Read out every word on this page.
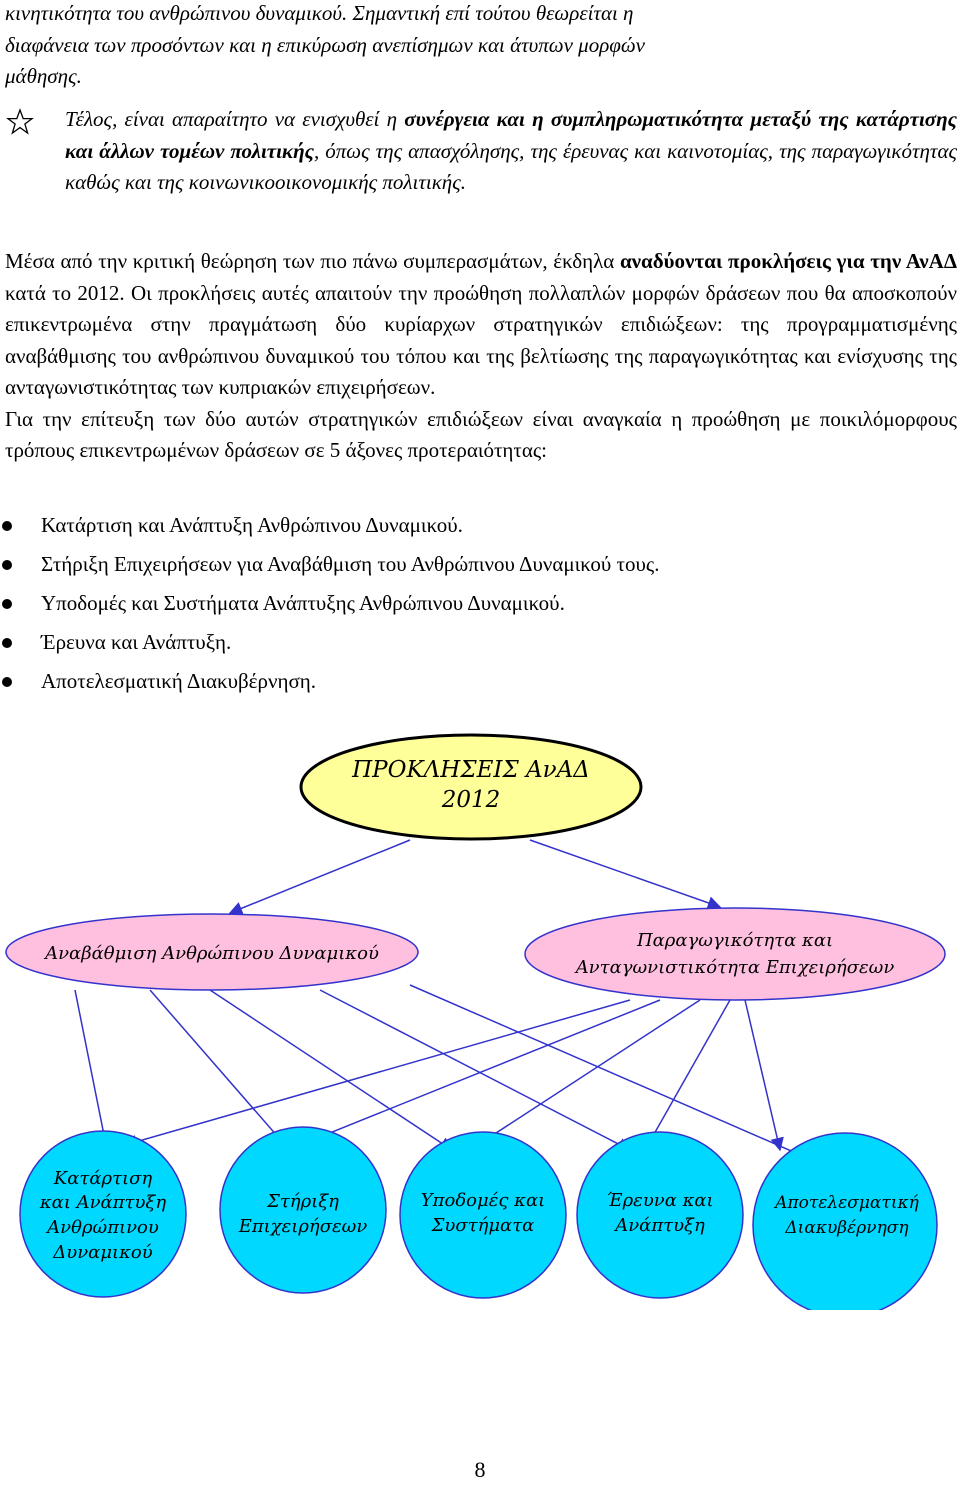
κινητικότητα του ανθρώπινου δυναμικού. Σημαντική επί τούτου θεωρείται η
διαφάνεια των προσόντων και η επικύρωση ανεπίσημων και άτυπων μορφών
μάθησης.

Τέλος, είναι απαραίτητο να ενισχυθεί η συνέργεια και η συμπληρωματικότητα μεταξύ της κατάρτισης και άλλων τομέων πολιτικής, όπως της απασχόλησης, της έρευνας και καινοτομίας, της παραγωγικότητας καθώς και της κοινωνικοοικονομικής πολιτικής.

Μέσα από την κριτική θεώρηση των πιο πάνω συμπερασμάτων, έκδηλα αναδύονται προκλήσεις για την ΑνΑΔ κατά το 2012. Οι προκλήσεις αυτές απαιτούν την προώθηση πολλαπλών μορφών δράσεων που θα αποσκοπούν επικεντρωμένα στην πραγμάτωση δύο κυρίαρχων στρατηγικών επιδιώξεων: της προγραμματισμένης αναβάθμισης του ανθρώπινου δυναμικού του τόπου και της βελτίωσης της παραγωγικότητας και ενίσχυσης της ανταγωνιστικότητας των κυπριακών επιχειρήσεων.
Για την επίτευξη των δύο αυτών στρατηγικών επιδιώξεων είναι αναγκαία η προώθηση με ποικιλόμορφους τρόπους επικεντρωμένων δράσεων σε 5 άξονες προτεραιότητας:

Κατάρτιση και Ανάπτυξη Ανθρώπινου Δυναμικού.
Στήριξη Επιχειρήσεων για Αναβάθμιση του Ανθρώπινου Δυναμικού τους.
Υποδομές και Συστήματα Ανάπτυξης Ανθρώπινου Δυναμικού.
Έρευνα και Ανάπτυξη.
Αποτελεσματική Διακυβέρνηση.
ΠΡΟΚΛΗΣΕΙΣ ΑνΑΔ
2012
Αναβάθμιση Ανθρώπινου Δυναμικού
Παραγωγικότητα και
Ανταγωνιστικότητα Επιχειρήσεων
Κατάρτιση
και Ανάπτυξη
Ανθρώπινου
Δυναμικού
Στήριξη
Επιχειρήσεων
Υποδομές και
Συστήματα
Έρευνα και
Ανάπτυξη
Αποτελεσματική
Διακυβέρνηση
8
